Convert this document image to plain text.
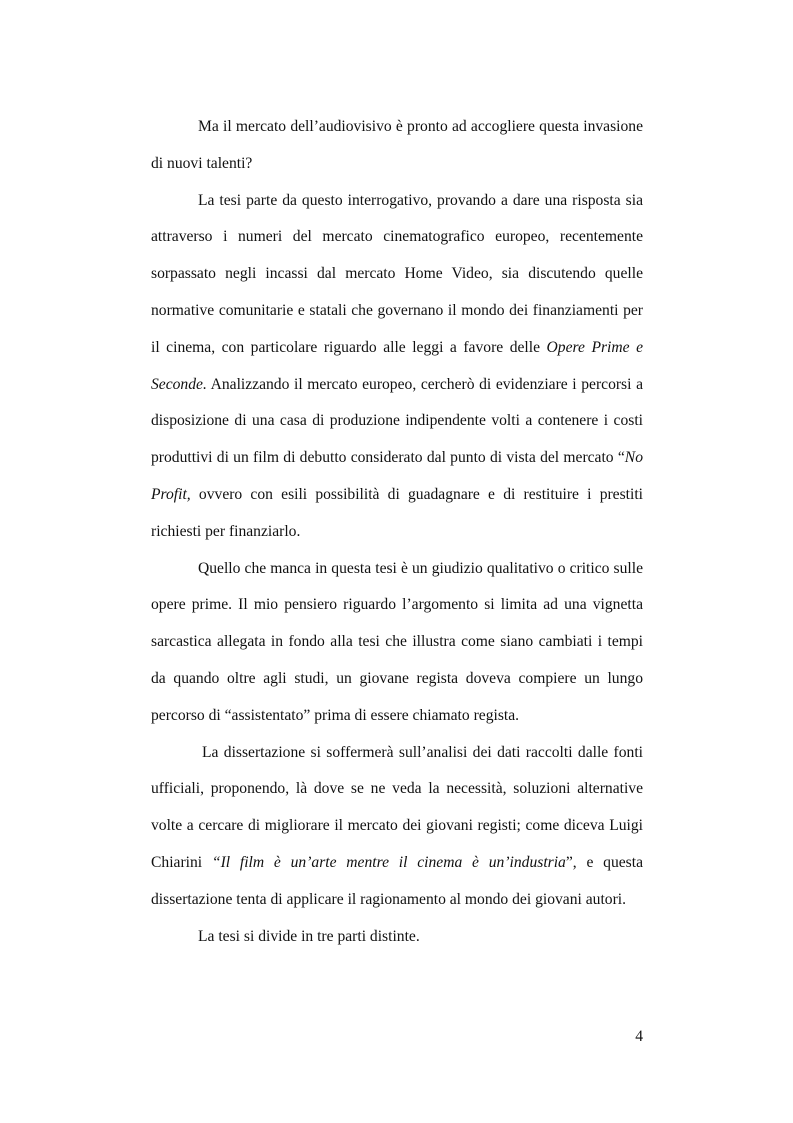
Ma il mercato dell’audiovisivo è pronto ad accogliere questa invasione di nuovi talenti?

La tesi parte da questo interrogativo, provando a dare una risposta sia attraverso i numeri del mercato cinematografico europeo, recentemente sorpassato negli incassi dal mercato Home Video, sia discutendo quelle normative comunitarie e statali che governano il mondo dei finanziamenti per il cinema, con particolare riguardo alle leggi a favore delle Opere Prime e Seconde. Analizzando il mercato europeo, cercherò di evidenziare i percorsi a disposizione di una casa di produzione indipendente volti a contenere i costi produttivi di un film di debutto considerato dal punto di vista del mercato “No Profit, ovvero con esili possibilità di guadagnare e di restituire i prestiti richiesti per finanziarlo.

Quello che manca in questa tesi è un giudizio qualitativo o critico sulle opere prime. Il mio pensiero riguardo l’argomento si limita ad una vignetta sarcastica allegata in fondo alla tesi che illustra come siano cambiati i tempi da quando oltre agli studi, un giovane regista doveva compiere un lungo percorso di “assistentato” prima di essere chiamato regista.

La dissertazione si soffermerà sull’analisi dei dati raccolti dalle fonti ufficiali, proponendo, là dove se ne veda la necessità, soluzioni alternative volte a cercare di migliorare il mercato dei giovani registi; come diceva Luigi Chiarini “Il film è un’arte mentre il cinema è un’industria”, e questa dissertazione tenta di applicare il ragionamento al mondo dei giovani autori.

La tesi si divide in tre parti distinte.

4
